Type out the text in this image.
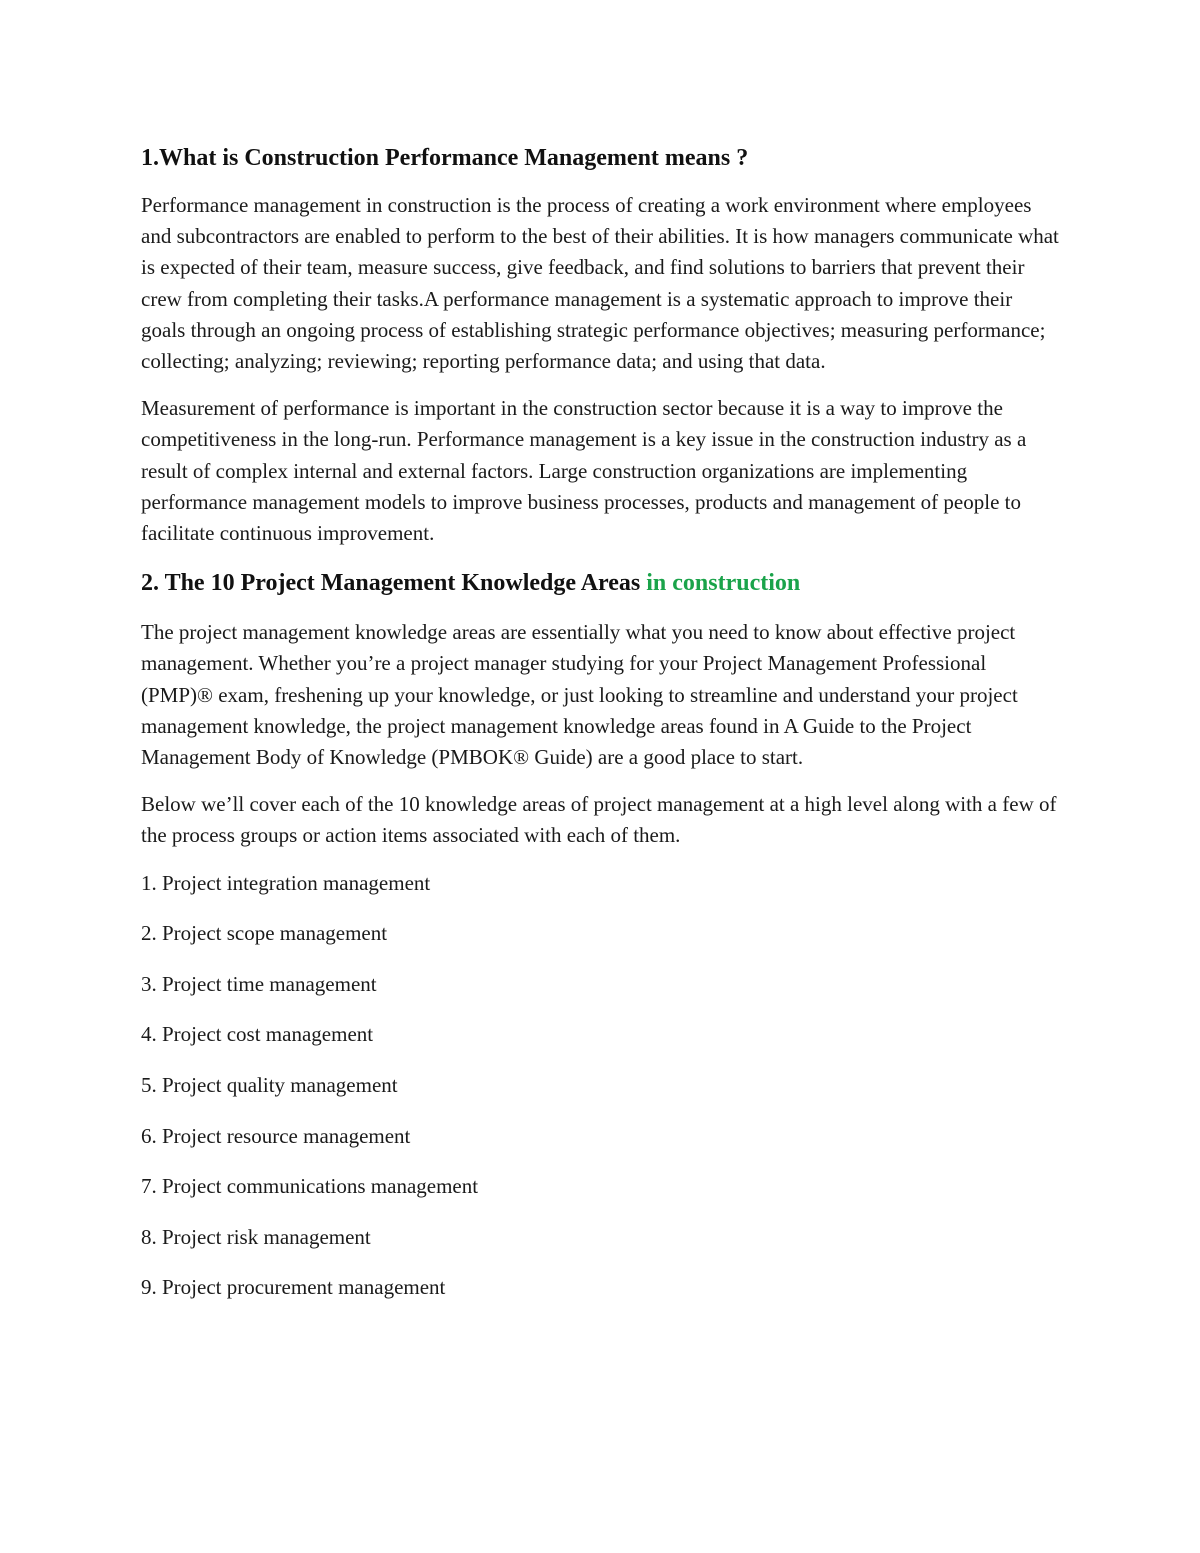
1.What is Construction Performance Management means ?

Performance management in construction is the process of creating a work environment where employees and subcontractors are enabled to perform to the best of their abilities. It is how managers communicate what is expected of their team, measure success, give feedback, and find solutions to barriers that prevent their crew from completing their tasks.A performance management is a systematic approach to improve their goals through an ongoing process of establishing strategic performance objectives; measuring performance; collecting; analyzing; reviewing; reporting performance data; and using that data.

Measurement of performance is important in the construction sector because it is a way to improve the competitiveness in the long-run. Performance management is a key issue in the construction industry as a result of complex internal and external factors. Large construction organizations are implementing performance management models to improve business processes, products and management of people to facilitate continuous improvement.

2. The 10 Project Management Knowledge Areas in construction

The project management knowledge areas are essentially what you need to know about effective project management. Whether you’re a project manager studying for your Project Management Professional (PMP)® exam, freshening up your knowledge, or just looking to streamline and understand your project management knowledge, the project management knowledge areas found in A Guide to the Project Management Body of Knowledge (PMBOK® Guide) are a good place to start.

Below we’ll cover each of the 10 knowledge areas of project management at a high level along with a few of the process groups or action items associated with each of them.

1. Project integration management
2. Project scope management
3. Project time management
4. Project cost management
5. Project quality management
6. Project resource management
7. Project communications management
8. Project risk management
9. Project procurement management
